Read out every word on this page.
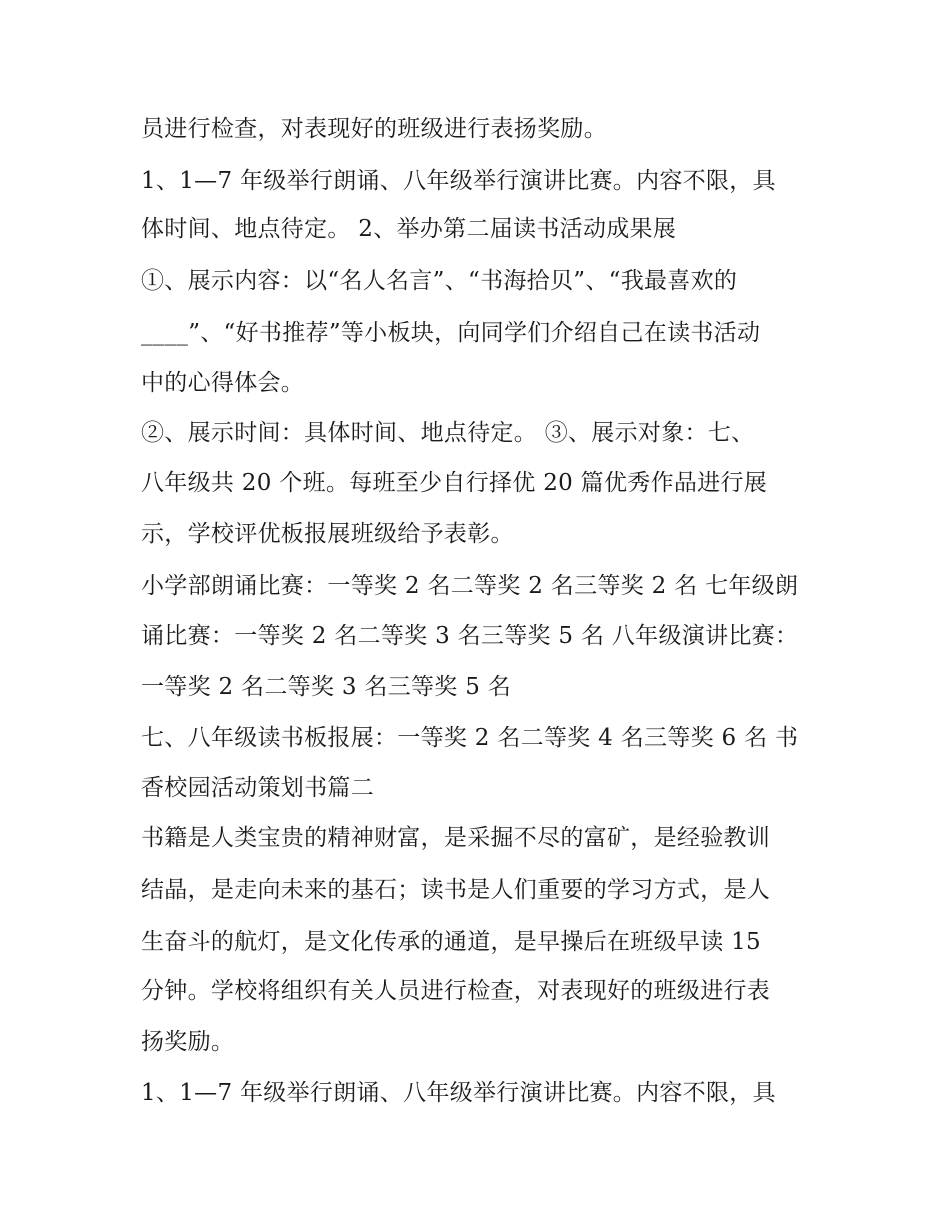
员进行检查，对表现好的班级进行表扬奖励。
1、1—7 年级举行朗诵、八年级举行演讲比赛。内容不限，具
体时间、地点待定。 2、举办第二届读书活动成果展
①、展示内容：以“名人名言”、“书海拾贝”、“我最喜欢的
____”、“好书推荐”等小板块，向同学们介绍自己在读书活动
中的心得体会。
②、展示时间：具体时间、地点待定。 ③、展示对象：七、
八年级共 20 个班。每班至少自行择优 20 篇优秀作品进行展
示，学校评优板报展班级给予表彰。
小学部朗诵比赛：一等奖 2 名二等奖 2 名三等奖 2 名 七年级朗
诵比赛：一等奖 2 名二等奖 3 名三等奖 5 名 八年级演讲比赛：
一等奖 2 名二等奖 3 名三等奖 5 名
七、八年级读书板报展：一等奖 2 名二等奖 4 名三等奖 6 名 书
香校园活动策划书篇二
书籍是人类宝贵的精神财富，是采掘不尽的富矿，是经验教训
结晶，是走向未来的基石；读书是人们重要的学习方式，是人
生奋斗的航灯，是文化传承的通道，是早操后在班级早读 15
分钟。学校将组织有关人员进行检查，对表现好的班级进行表
扬奖励。
1、1—7 年级举行朗诵、八年级举行演讲比赛。内容不限，具
